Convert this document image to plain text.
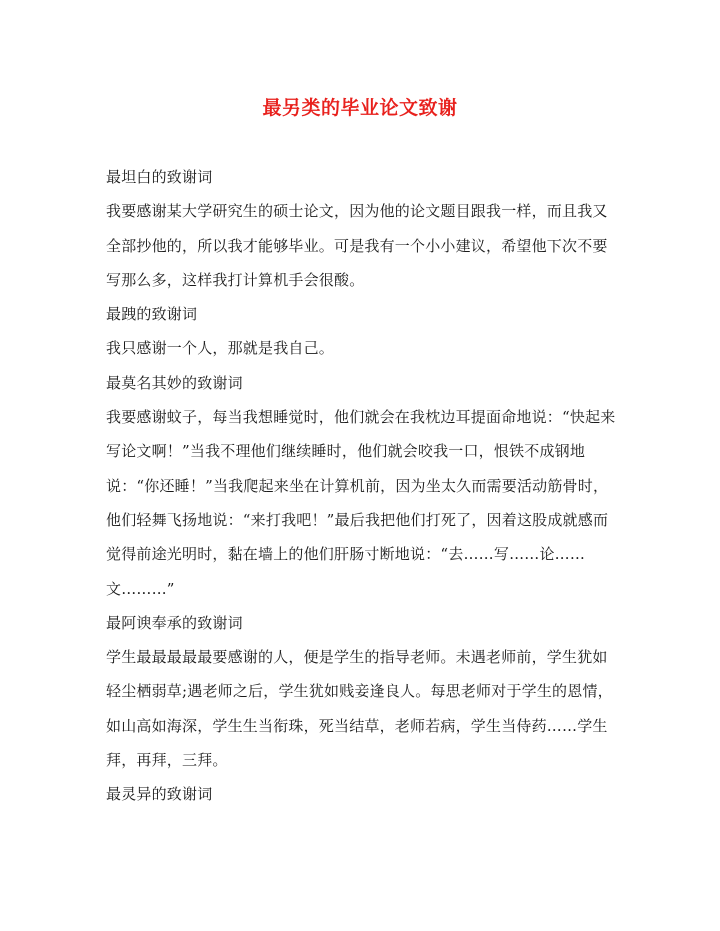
最另类的毕业论文致谢

最坦白的致谢词

我要感谢某大学研究生的硕士论文，因为他的论文题目跟我一样，而且我又全部抄他的，所以我才能够毕业。可是我有一个小小建议，希望他下次不要写那么多，这样我打计算机手会很酸。

最跩的致谢词

我只感谢一个人，那就是我自己。

最莫名其妙的致谢词

我要感谢蚊子，每当我想睡觉时，他们就会在我枕边耳提面命地说：“快起来写论文啊！”当我不理他们继续睡时，他们就会咬我一口，恨铁不成钢地说：“你还睡！”当我爬起来坐在计算机前，因为坐太久而需要活动筋骨时，他们轻舞飞扬地说：“来打我吧！”最后我把他们打死了，因着这股成就感而觉得前途光明时，黏在墙上的他们肝肠寸断地说：“去……写……论……文………”

最阿谀奉承的致谢词

学生最最最最最要感谢的人，便是学生的指导老师。未遇老师前，学生犹如轻尘栖弱草;遇老师之后，学生犹如贱妾逢良人。每思老师对于学生的恩情，如山高如海深，学生生当衔珠，死当结草，老师若病，学生当侍药……学生拜，再拜，三拜。

最灵异的致谢词
